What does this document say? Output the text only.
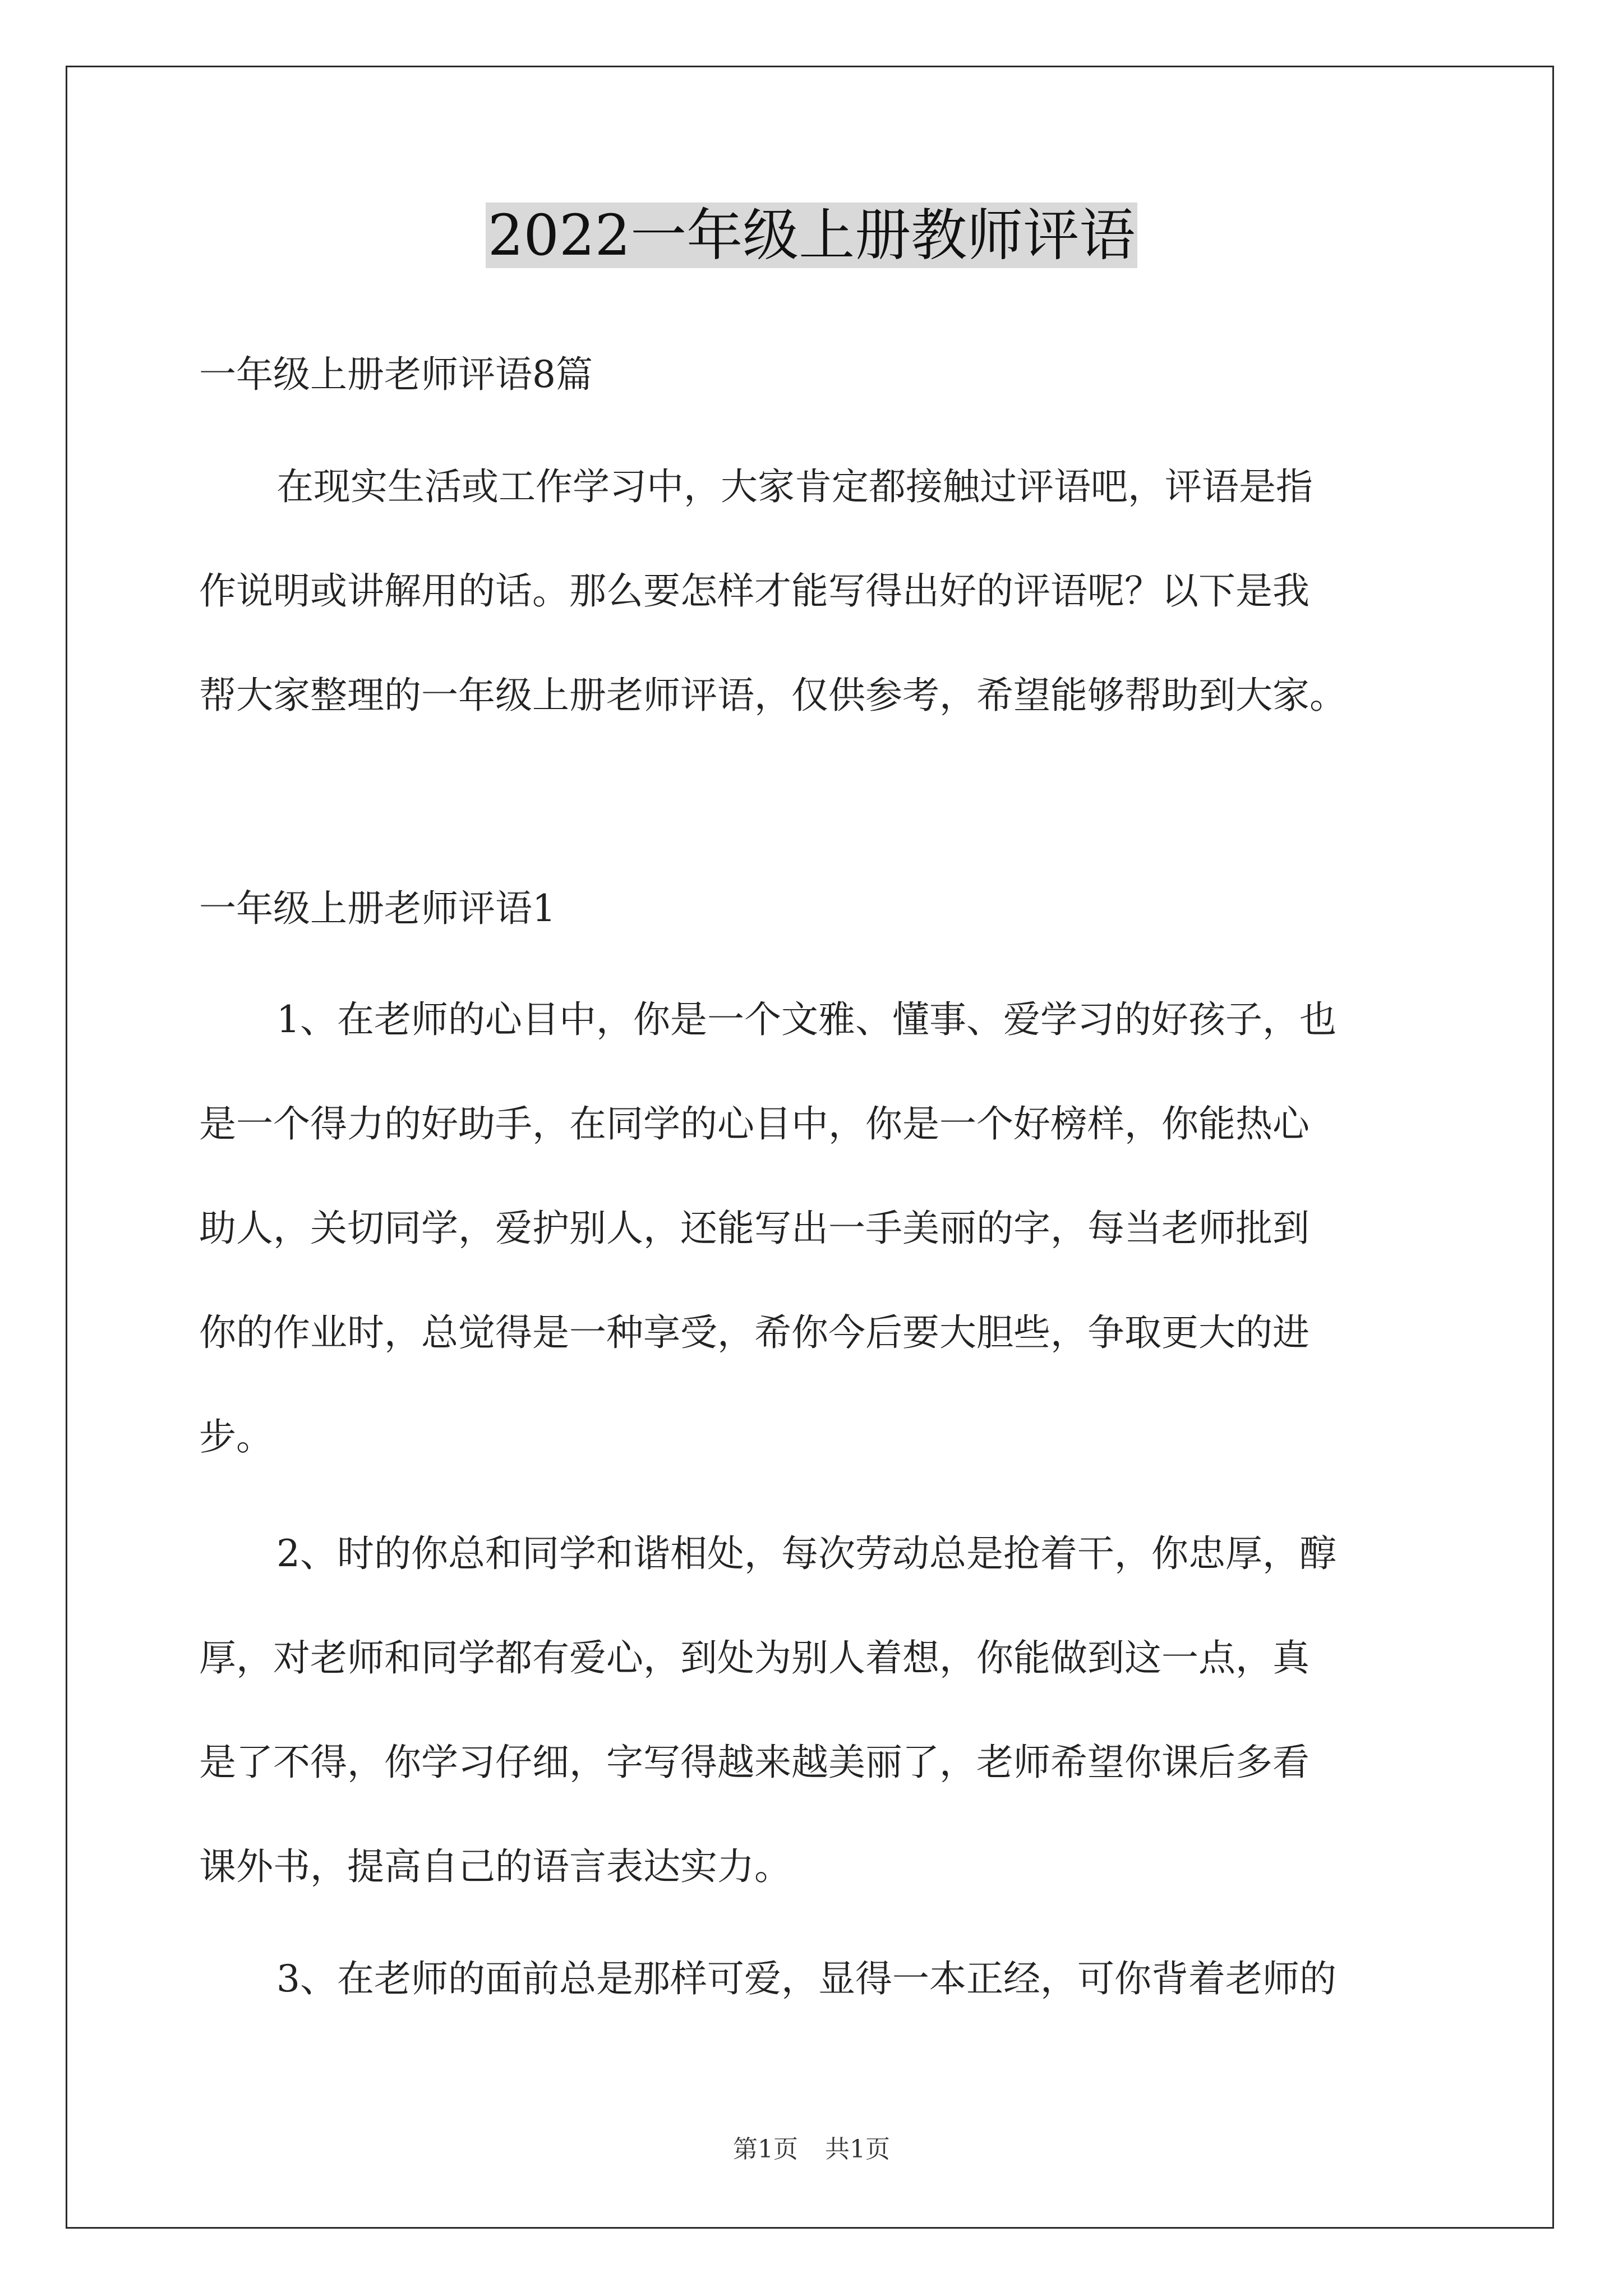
2022一年级上册教师评语
一年级上册老师评语8篇
在现实生活或工作学习中，大家肯定都接触过评语吧，评语是指
作说明或讲解用的话。那么要怎样才能写得出好的评语呢？以下是我
帮大家整理的一年级上册老师评语，仅供参考，希望能够帮助到大家。
一年级上册老师评语1
1、在老师的心目中，你是一个文雅、懂事、爱学习的好孩子，也
是一个得力的好助手，在同学的心目中，你是一个好榜样，你能热心
助人，关切同学，爱护别人，还能写出一手美丽的字，每当老师批到
你的作业时，总觉得是一种享受，希你今后要大胆些，争取更大的进
步。
2、时的你总和同学和谐相处，每次劳动总是抢着干，你忠厚，醇
厚，对老师和同学都有爱心，到处为别人着想，你能做到这一点，真
是了不得，你学习仔细，字写得越来越美丽了，老师希望你课后多看
课外书，提高自己的语言表达实力。
3、在老师的面前总是那样可爱，显得一本正经，可你背着老师的
第1页 共1页
